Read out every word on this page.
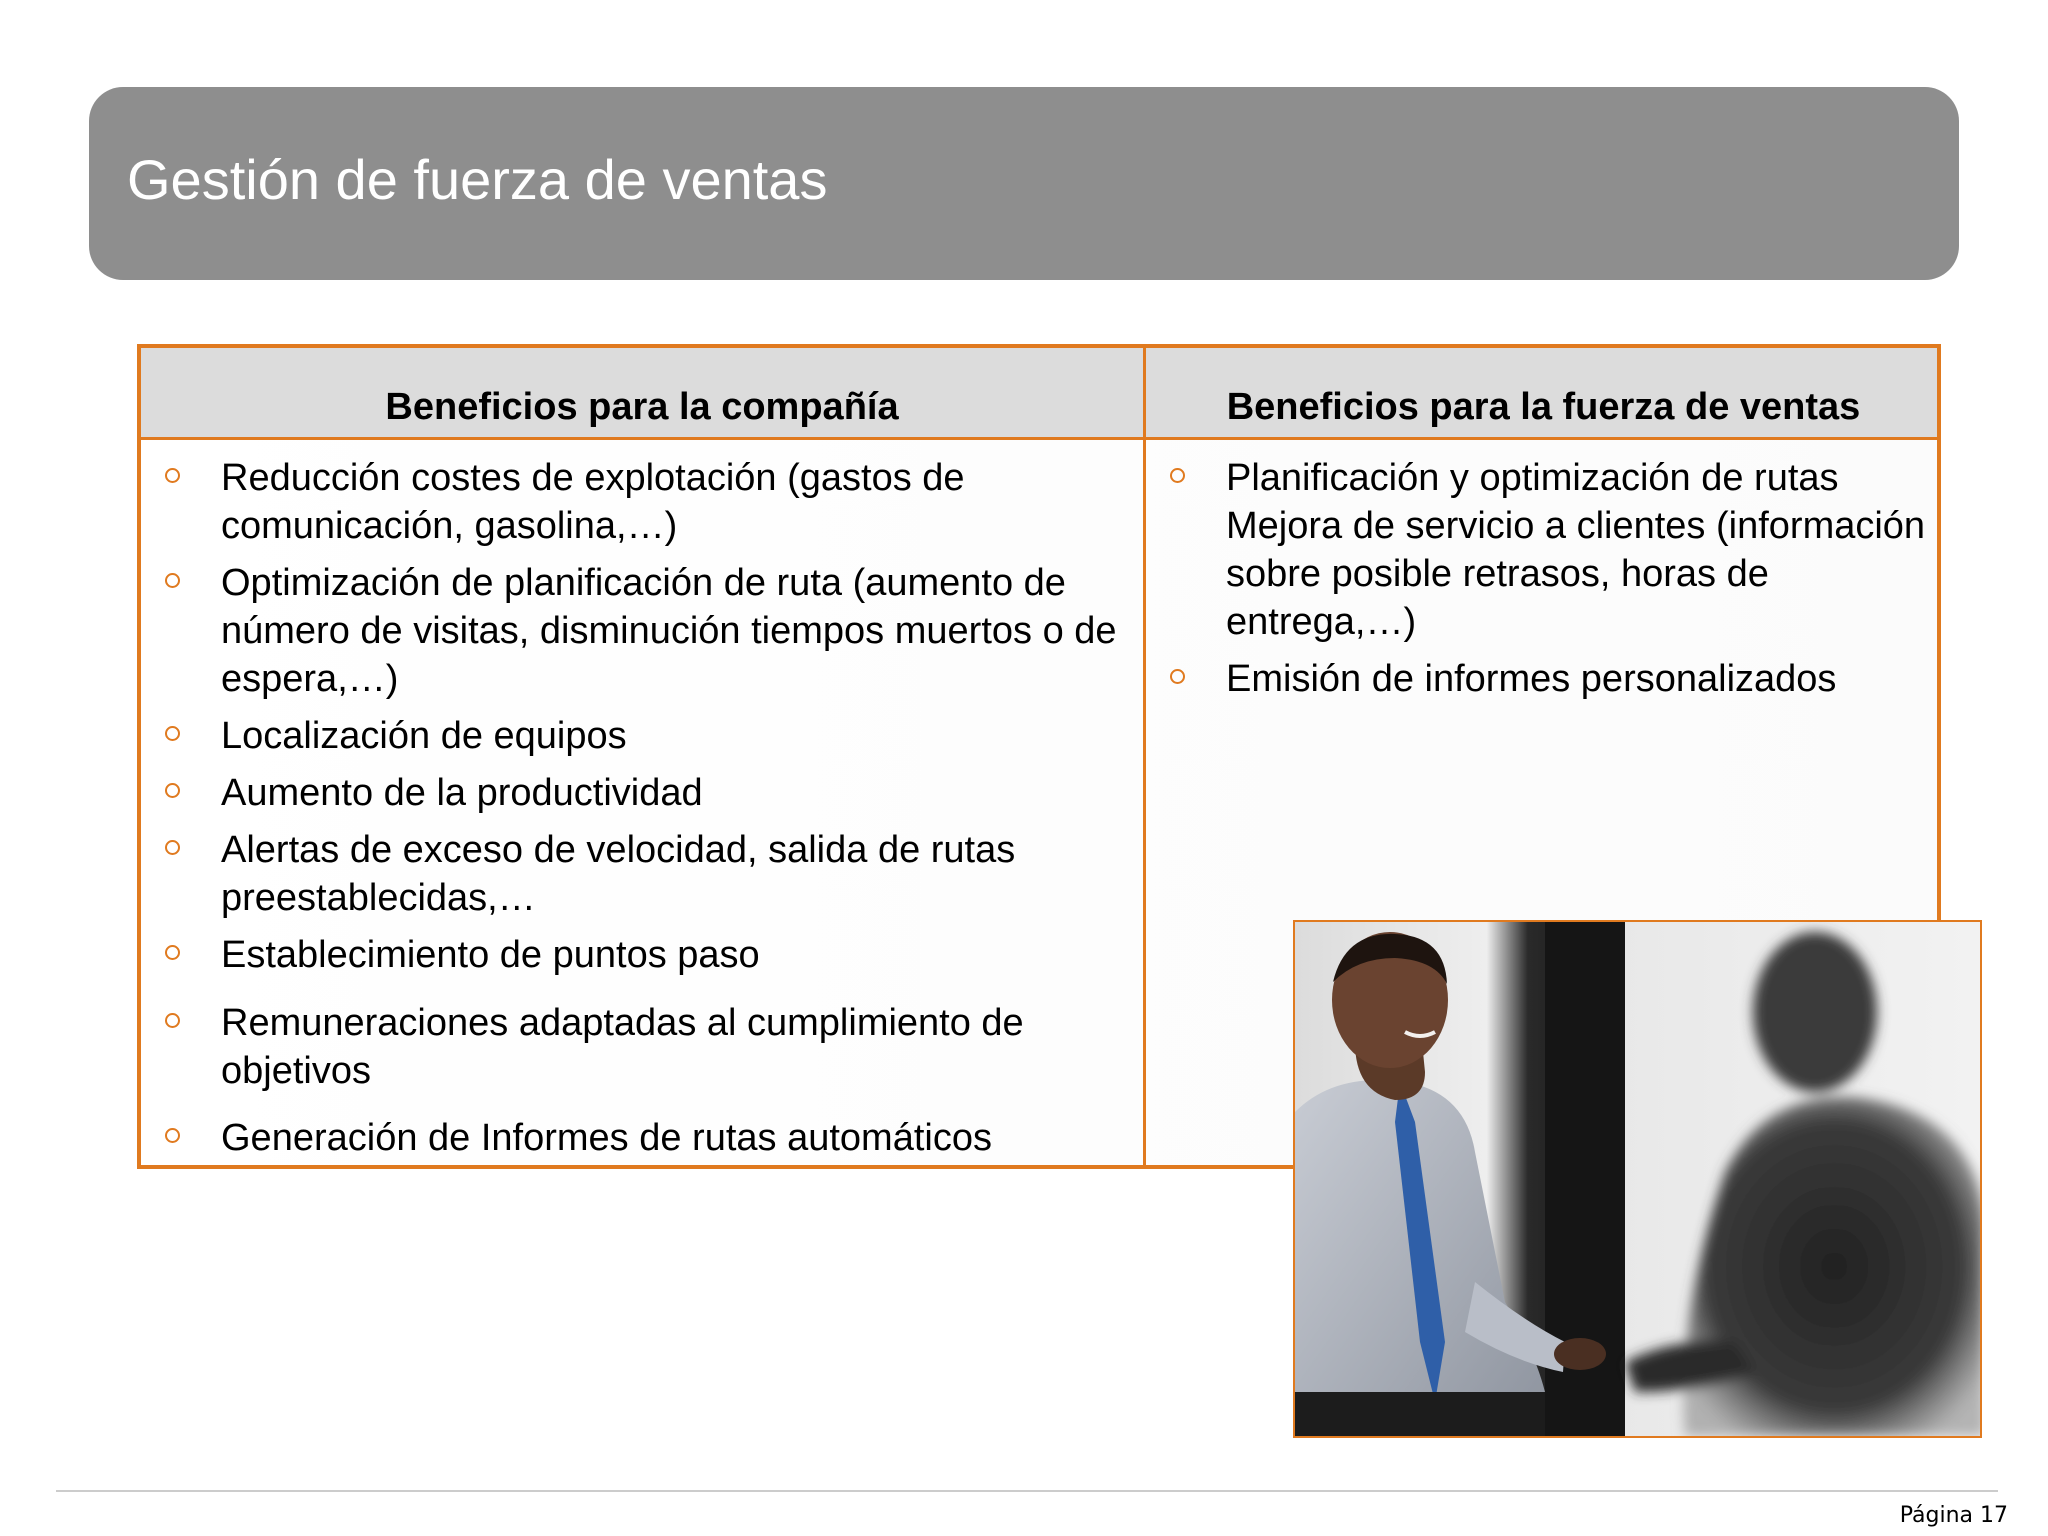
Gestión de fuerza de ventas
Beneficios para la compañía	Beneficios para la fuerza de ventas
Reducción costes de explotación (gastos de comunicación, gasolina,…)
Optimización de planificación de ruta (aumento de número de visitas, disminución tiempos muertos o de espera,…)
Localización de equipos
Aumento de la productividad
Alertas de exceso de velocidad, salida de rutas preestablecidas,…
Establecimiento de puntos paso
Remuneraciones adaptadas al cumplimiento de objetivos
Generación de Informes de rutas automáticos
Planificación y optimización de rutas Mejora de servicio a clientes (información sobre posible retrasos, horas de entrega,…)
Emisión de informes personalizados
Página 17
